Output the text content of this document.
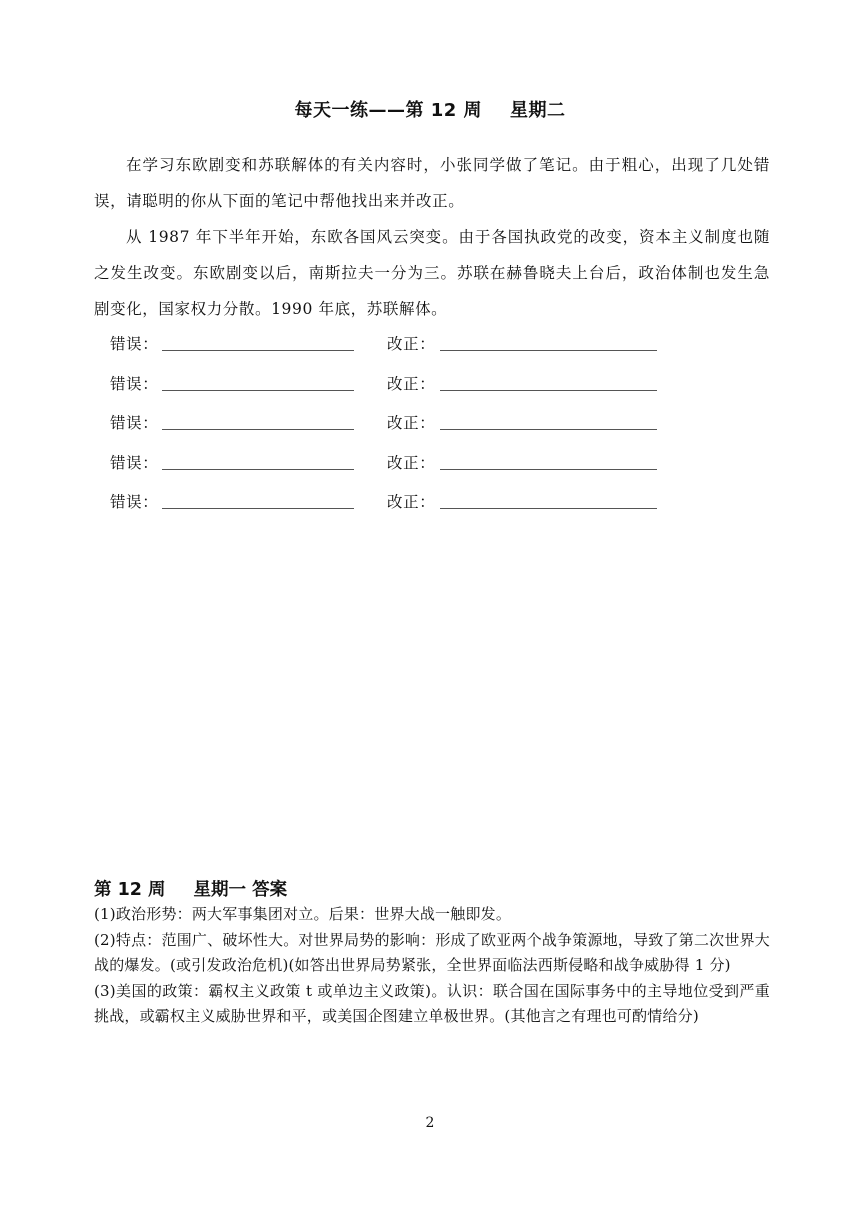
每天一练——第 12 周 星期二

在学习东欧剧变和苏联解体的有关内容时，小张同学做了笔记。由于粗心，出现了几处错误，请聪明的你从下面的笔记中帮他找出来并改正。

从 1987 年下半年开始，东欧各国风云突变。由于各国执政党的改变，资本主义制度也随之发生改变。东欧剧变以后，南斯拉夫一分为三。苏联在赫鲁晓夫上台后，政治体制也发生急剧变化，国家权力分散。1990 年底，苏联解体。

错误：	改正：
错误：	改正：
错误：	改正：
错误：	改正：
错误：	改正：
第 12 周 星期一 答案

(1)政治形势：两大军事集团对立。后果：世界大战一触即发。

(2)特点：范围广、破坏性大。对世界局势的影响：形成了欧亚两个战争策源地，导致了第二次世界大战的爆发。(或引发政治危机)(如答出世界局势紧张，全世界面临法西斯侵略和战争威胁得 1 分)

(3)美国的政策：霸权主义政策 t 或单边主义政策)。认识：联合国在国际事务中的主导地位受到严重挑战，或霸权主义威胁世界和平，或美国企图建立单极世界。(其他言之有理也可酌情给分)

2
